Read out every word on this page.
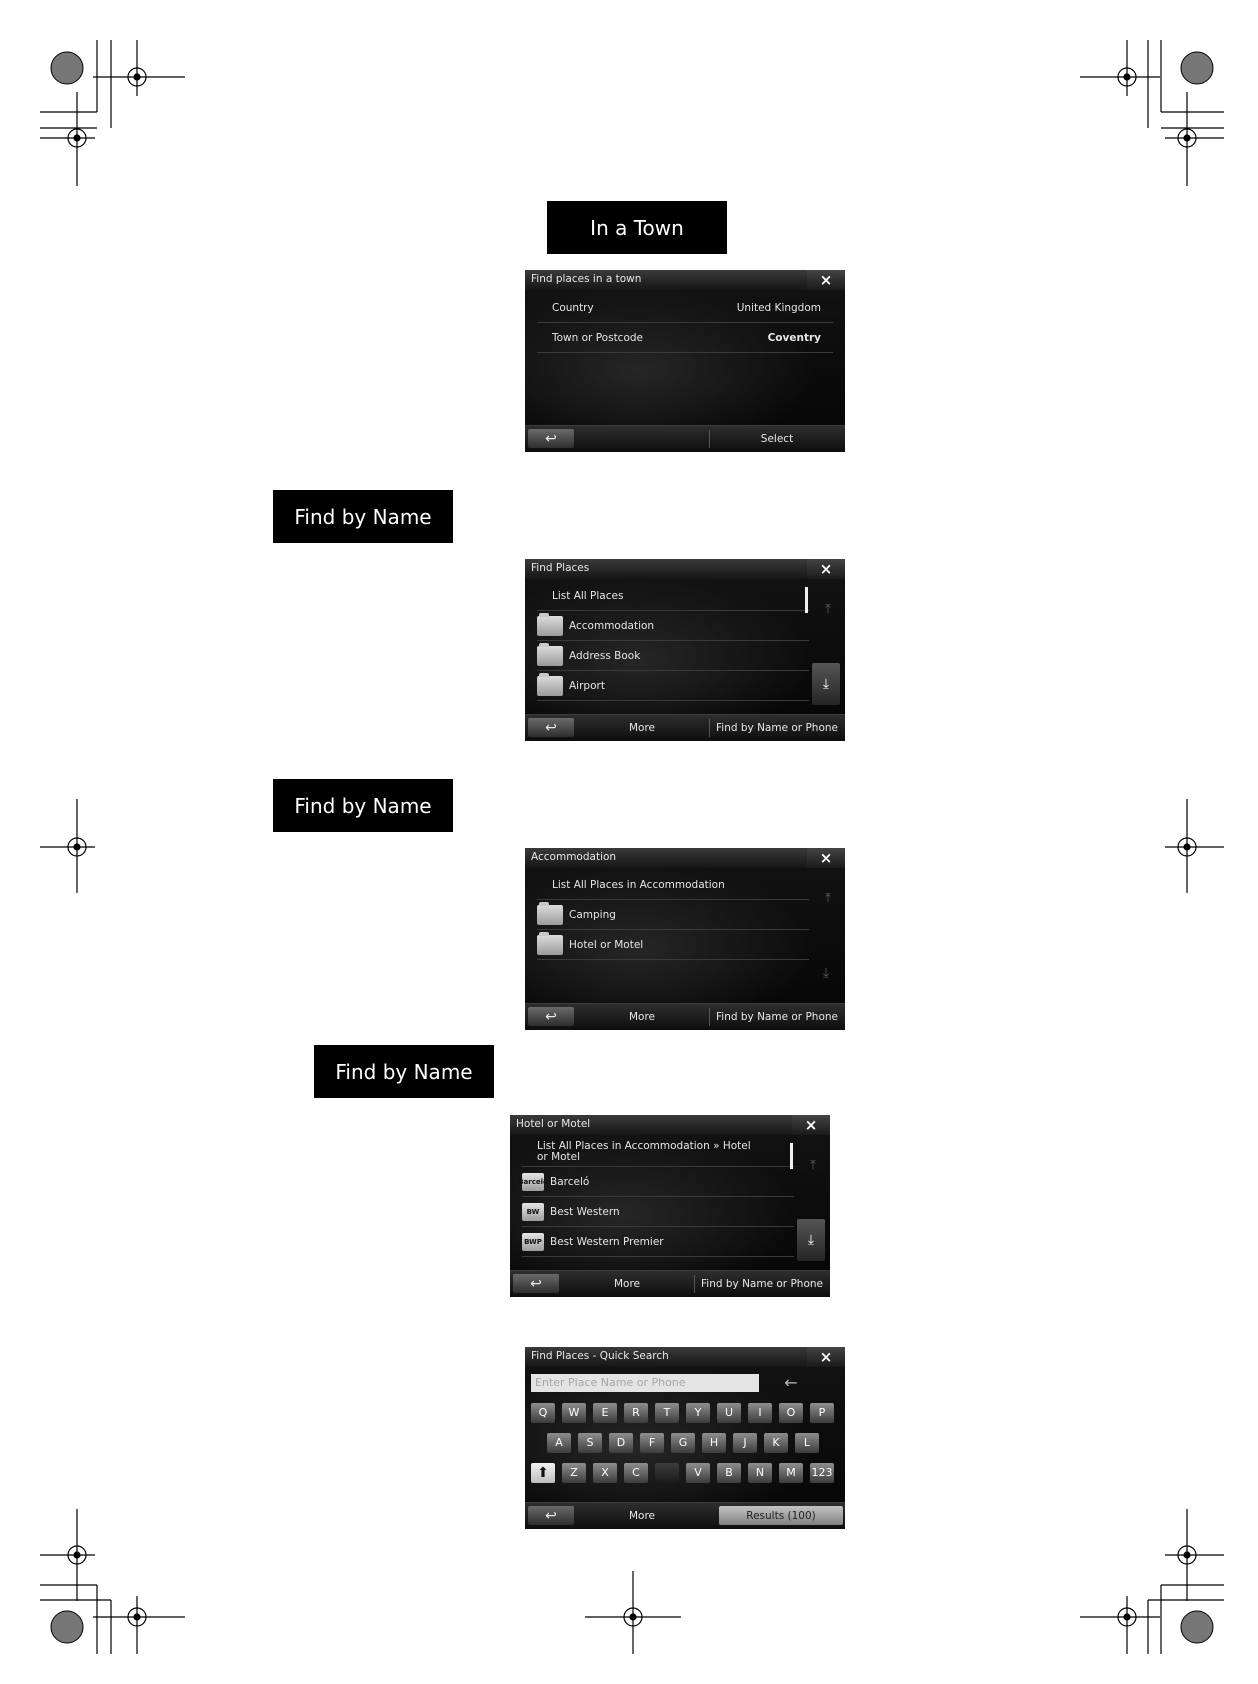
In a Town
Find by Name
Find by Name
Find by Name
Find places in a town	×
Country	United Kingdom
Town or Postcode	Coventry
↩	Select
Find Places	×
List All Places
Accommodation
Address Book
Airport
⤒
⤓
↩	More	Find by Name or Phone
Accommodation	×
List All Places in Accommodation
Camping
Hotel or Motel
⤒
⤓
↩	More	Find by Name or Phone
Hotel or Motel	×
List All Places in Accommodation » Hotel or Motel
Barcelo Barceló
BW	Best Western
BWP Best Western Premier
⤒
⤓
↩	More	Find by Name or Phone
Find Places - Quick Search	×
Enter Place Name or Phone	←
Q	W	E	R	T	Y	U	I	O	P
A	S	D	F	G	H	J	K	L
⬆	Z	X	C	V	B	N	M	123
↩	More	Results (100)
